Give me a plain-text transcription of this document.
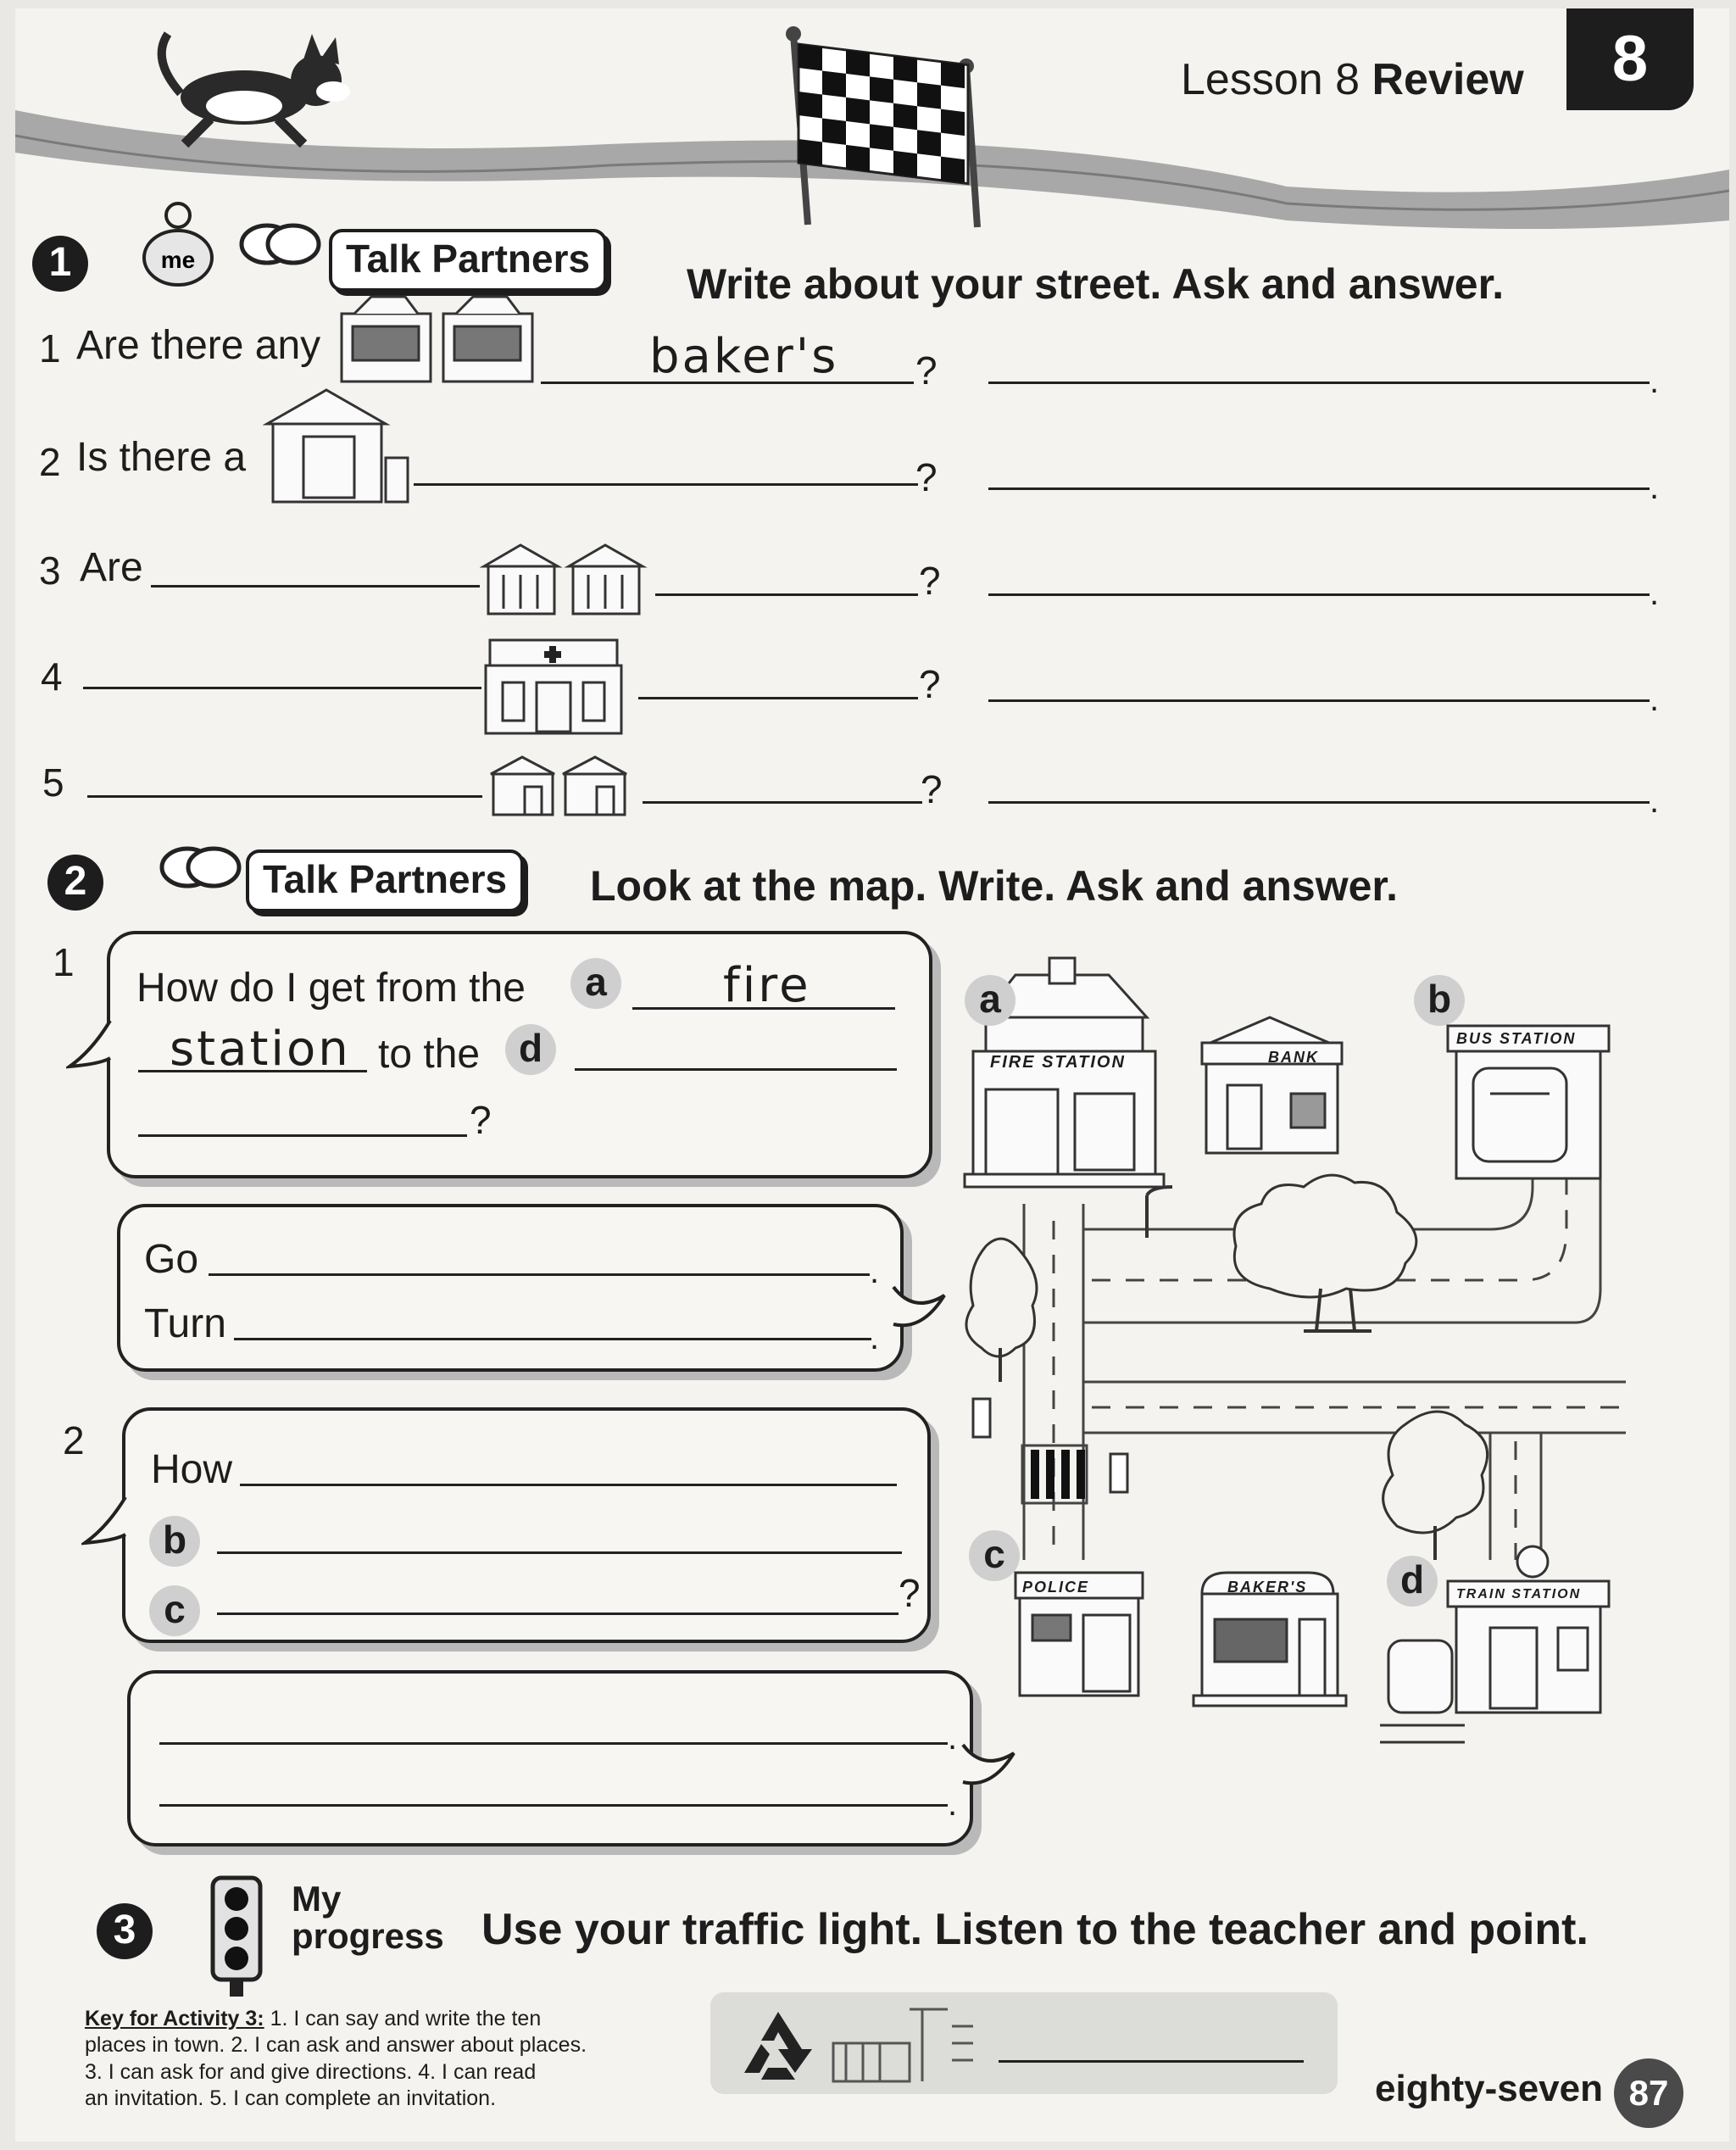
Lesson 8 Review	8
1	me	Talk Partners
Write about your street. Ask and answer.
1 Are there any	baker's ?	.
2 Is there a	?	.
3 Are	?	.
4	?	.
5	?	.
2	Talk Partners	Look at the map. Write. Ask and answer.
1
How do I get from the	a	fire
station to the d
?
Go	.
Turn	.
2
How
b
c	?
.
.
a	b
c
d
FIRE STATION	BANK
BUS STATION
POLICE	BAKER'S	TRAIN STATION
3
My
progress Use your traffic light. Listen to the teacher and point.
Key for Activity 3: 1. I can say and write the ten
places in town. 2. I can ask and answer about places.
3. I can ask for and give directions. 4. I can read
an invitation. 5. I can complete an invitation.	eighty-seven 87
